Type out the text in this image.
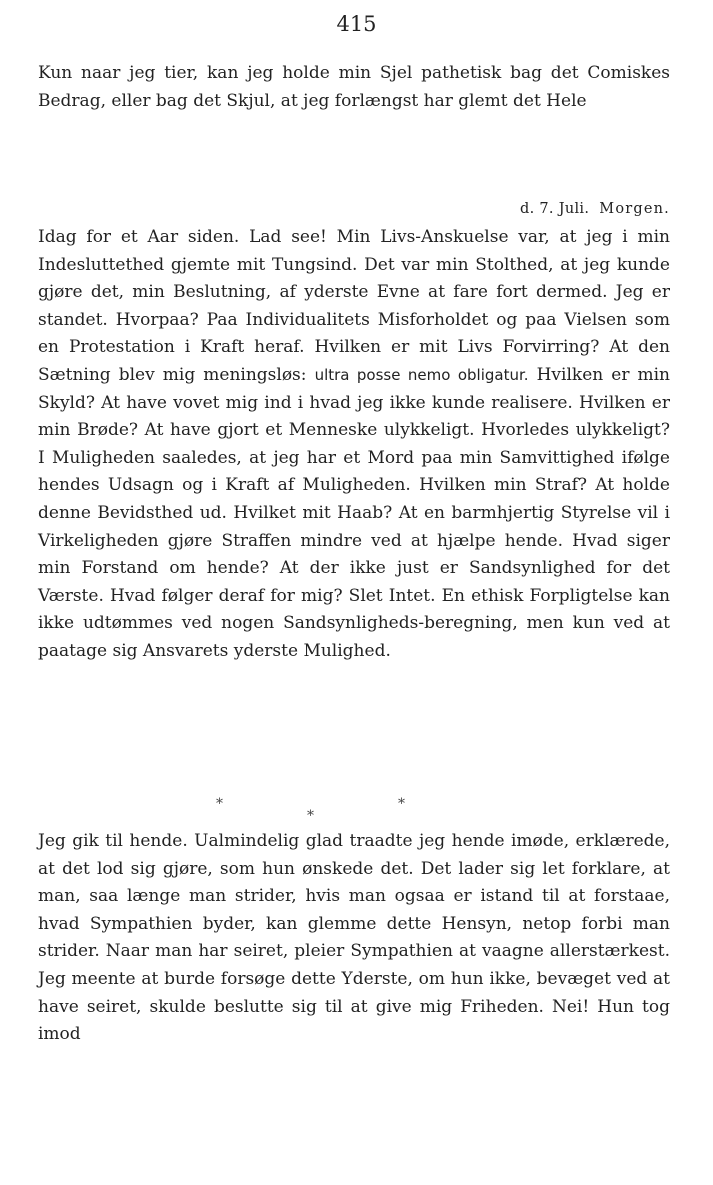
415

Kun naar jeg tier, kan jeg holde min Sjel pathetisk bag det Comiskes Bedrag, eller bag det Skjul, at jeg forlængst har glemt det Hele

d. 7. Juli. Morgen.

Idag for et Aar siden. Lad see! Min Livs-Anskuelse var, at jeg i min Indesluttethed gjemte mit Tungsind. Det var min Stolthed, at jeg kunde gjøre det, min Beslutning, af yderste Evne at fare fort dermed. Jeg er standet. Hvorpaa? Paa Individualitets Misforholdet og paa Vielsen som en Protestation i Kraft heraf. Hvilken er mit Livs Forvirring? At den Sætning blev mig meningsløs: ultra posse nemo obligatur. Hvilken er min Skyld? At have vovet mig ind i hvad jeg ikke kunde realisere. Hvilken er min Brøde? At have gjort et Menneske ulykkeligt. Hvorledes ulykkeligt? I Muligheden saaledes, at jeg har et Mord paa min Samvittighed ifølge hendes Udsagn og i Kraft af Muligheden. Hvilken min Straf? At holde denne Bevidsthed ud. Hvilket mit Haab? At en barmhjertig Styrelse vil i Virkeligheden gjøre Straffen mindre ved at hjælpe hende. Hvad siger min Forstand om hende? At der ikke just er Sandsynlighed for det Værste. Hvad følger deraf for mig? Slet Intet. En ethisk Forpligtelse kan ikke udtømmes ved nogen Sandsynligheds-beregning, men kun ved at paatage sig Ansvarets yderste Mulighed.

*
*
*

Jeg gik til hende. Ualmindelig glad traadte jeg hende imøde, erklærede, at det lod sig gjøre, som hun ønskede det. Det lader sig let forklare, at man, saa længe man strider, hvis man ogsaa er istand til at forstaae, hvad Sympathien byder, kan glemme dette Hensyn, netop forbi man strider. Naar man har seiret, pleier Sympathien at vaagne allerstærkest. Jeg meente at burde forsøge dette Yderste, om hun ikke, bevæget ved at have seiret, skulde beslutte sig til at give mig Friheden. Nei! Hun tog imod
